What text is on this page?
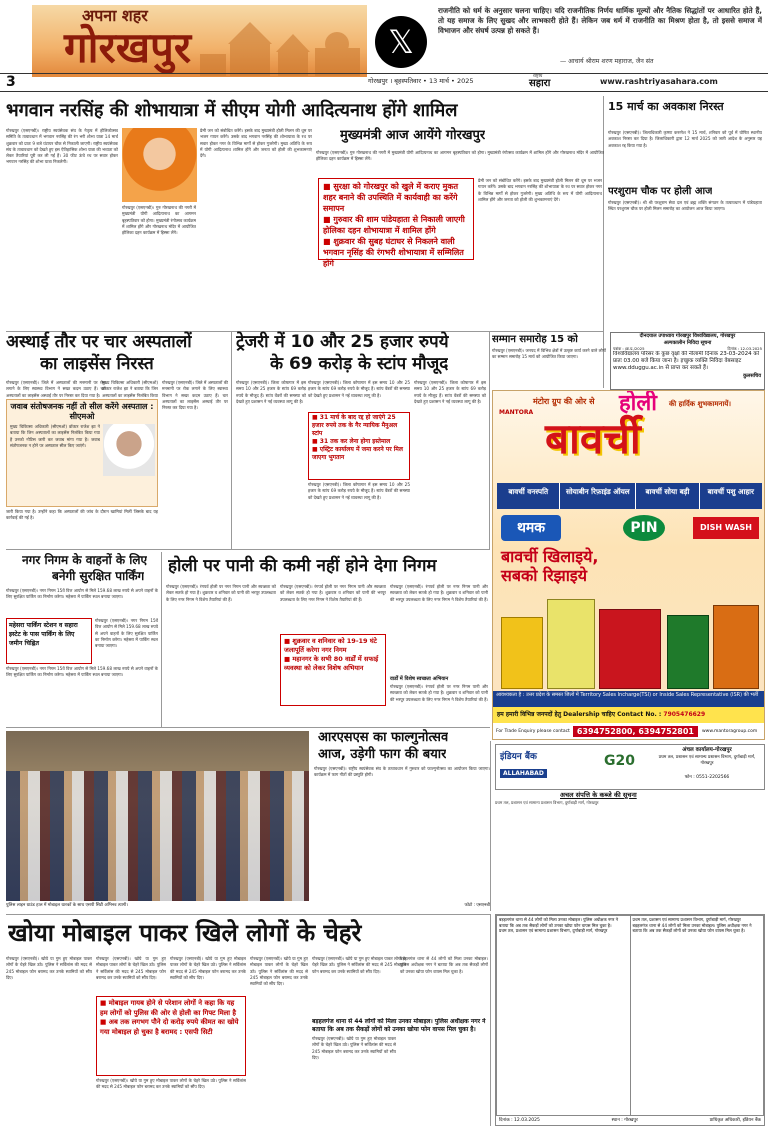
अपना शहर
गोरखपुर
3
𝕏
राजनीति को धर्म के अनुसार चलना चाहिए। यदि राजनीतिक निर्णय धार्मिक मूल्यों और नैतिक सिद्धांतों पर आधारित होते हैं, तो यह समाज के लिए सुखद और लाभकारी होते हैं। लेकिन जब धर्म में राजनीति का मिश्रण होता है, तो इससे समाज में विभाजन और संघर्ष उत्पन्न हो सकते हैं।
— आचार्य श्रीराम शरण महाराज, जैन संत
गोरखपुर । बृहस्पतिवार • 13 मार्च • 2025
राष्ट्रीय
सहारा	www.rashtriyasahara.com
भगवान नरसिंह की शोभायात्रा में सीएम योगी आदित्यनाथ होंगे शामिल
गोरखपुर (एसएनबी)। राष्ट्रीय स्वयंसेवक संघ के नेतृत्व में होलिकोत्सव समिति के तत्वावधान में भगवान नरसिंह की रंग भरी शोभा यात्रा 14 मार्च शुक्रवार को प्रातः 9 बजे घंटाघर चौक से निकाली जाएगी। राष्ट्रीय स्वयंसेवक संघ के तत्वावधान को देखते हुए इस ऐतिहासिक शोभा यात्रा की भव्यता को लेकर तैयारियां पूरी कर ली गई हैं। 30 फीट ऊंचे रथ पर सवार होकर भगवान नरसिंह की शोभा यात्रा निकलेगी।
प्रेमी जन को संबोधित करेंगे। इसके बाद मुख्यमंत्री होली मिलन की धूम पर भजन गायन करेंगे। उसके बाद भगवान नरसिंह की शोभायात्रा के रथ पर सवार होकर नगर के विभिन्न मार्गों से होकर गुजरेगी। मुख्य अतिथि के रूप में योगी आदित्यनाथ शामिल होंगे और जनता को होली की शुभकामनाएं देंगे।
गोरखपुर (एसएनबी)। गुरु गोरखनाथ की नगरी में मुख्यमंत्री योगी आदित्यनाथ का आगमन बृहस्पतिवार को होगा। मुख्यमंत्री रंगोत्सव कार्यक्रम में शामिल होंगे और गोरखनाथ मंदिर में आयोजित होलिका दहन कार्यक्रम में हिस्सा लेंगे।
मुख्यमंत्री आज आयेंगे गोरखपुर
गोरखपुर (एसएनबी)। गुरु गोरखनाथ की नगरी में मुख्यमंत्री योगी आदित्यनाथ का आगमन बृहस्पतिवार को होगा। मुख्यमंत्री रंगोत्सव कार्यक्रम में शामिल होंगे और गोरखनाथ मंदिर में आयोजित होलिका दहन कार्यक्रम में हिस्सा लेंगे।
■ सुरक्षा को गोरखपुर को खुले में कराए मुकत शहर बनाने की उपस्थिति में कार्यवाही का करेंगे समापन
■ गुरुवार की शाम पांडेयहाता से निकाली जाएगी होलिका दहन शोभायात्रा में शामिल होंगे
■ शुक्रवार की सुबह घंटाघर से निकलने वाली भगवान नृसिंह की रंगभरी शोभायात्रा में सम्मिलित होंगे
प्रेमी जन को संबोधित करेंगे। इसके बाद मुख्यमंत्री होली मिलन की धूम पर भजन गायन करेंगे। उसके बाद भगवान नरसिंह की शोभायात्रा के रथ पर सवार होकर नगर के विभिन्न मार्गों से होकर गुजरेगी। मुख्य अतिथि के रूप में योगी आदित्यनाथ शामिल होंगे और जनता को होली की शुभकामनाएं देंगे।
15 मार्च का अवकाश निरस्त
गोरखपुर (एसएनबी)। जिलाधिकारी कृष्णा करुणेश ने 15 मार्च, शनिवार को पूर्व में घोषित स्थानीय अवकाश निरस्त कर दिया है। जिलाधिकारी द्वारा 12 मार्च 2025 को जारी आदेश के अनुसार यह अवकाश रद्द किया गया है।
परशुराम चौक पर होली आज
गोरखपुर (एसएनबी)। श्री श्री परशुराम सेवा दल एवं ब्रह्म शक्ति संगठन के तत्वावधान में पांडेयहाता स्थित परशुराम चौक पर होली मिलन समारोह का आयोजन आज किया जाएगा।
अस्थाई तौर पर चार अस्पतालों
का लाइसेंस निरस्त
गोरखपुर (एसएनबी)। जिले में अस्पतालों की मनमानी पर रोक लगाने के लिए स्वास्थ्य विभाग ने सख्त कदम उठाए हैं। चार अस्पतालों का लाइसेंस अस्थाई तौर पर निरस्त कर दिया गया है।
जवाब संतोषजनक नहीं तो सील करेंगे अस्पताल : सीएमओ
मुख्य चिकित्सा अधिकारी (सीएमओ) डॉक्टर राजेश झा ने बताया कि जिन अस्पतालों का लाइसेंस निलंबित किया गया है उनको नोटिस जारी कर जवाब मांगा गया है। जवाब संतोषजनक न होने पर अस्पताल सील किए जाएंगे।
जारी किया गया है। उन्होंने कहा कि अस्पतालों की जांच के दौरान खामियां मिलीं जिसके बाद यह कार्रवाई की गई है।
गोरखपुर (एसएनबी)। जिले में अस्पतालों की मनमानी पर रोक लगाने के लिए स्वास्थ्य विभाग ने सख्त कदम उठाए हैं। चार अस्पतालों का लाइसेंस अस्थाई तौर पर निरस्त कर दिया गया है।
मुख्य चिकित्सा अधिकारी (सीएमओ) डॉक्टर राजेश झा ने बताया कि जिन अस्पतालों का लाइसेंस निलंबित किया
ट्रेजरी में 10 और 25 हजार रुपये
के 69 करोड़ के स्टांप मौजूद
गोरखपुर (एसएनबी)। जिला कोषागार में इस समय 10 और 25 हजार के स्टांप 69 करोड़ रुपये के मौजूद हैं। स्टांप वेंडरों की समस्या को देखते हुए प्रशासन ने नई व्यवस्था लागू की है।
■ 31 मार्च के बाद रद्द हो जाएंगे 25 हजार रुपये तक के गैर न्यायिक मैनुअल स्टांप
■ 31 तक कर लेना होगा इस्तेमाल
■ एस्ट्रिट कार्यालय में जमा करने पर मिल जाएगा भुगतान
गोरखपुर (एसएनबी)। जिला कोषागार में इस समय 10 और 25 हजार के स्टांप 69 करोड़ रुपये के मौजूद हैं। स्टांप वेंडरों की समस्या को देखते हुए प्रशासन ने नई व्यवस्था लागू की है।
गोरखपुर (एसएनबी)। जिला कोषागार में इस समय 10 और 25 हजार के स्टांप 69 करोड़ रुपये के मौजूद हैं। स्टांप वेंडरों की समस्या को देखते हुए प्रशासन ने नई व्यवस्था लागू की है।
गोरखपुर (एसएनबी)। जिला कोषागार में इस समय 10 और 25 हजार के स्टांप 69 करोड़ रुपये के मौजूद हैं। स्टांप वेंडरों की समस्या को देखते हुए प्रशासन ने नई व्यवस्था लागू की है।
सम्मान समारोह 15 को
गोरखपुर (एसएनबी)। जनपद में विभिन्न क्षेत्रों में उत्कृष्ट कार्य करने वाले लोगों का सम्मान समारोह 15 मार्च को आयोजित किया जाएगा।
दीनदयाल उपाध्याय गोरखपुर विश्वविद्यालय, गोरखपुर
अल्पकालीन निविदा सूचना
पत्रांक : /क्र.प्र./2025	दिनांक : 12.03.2025
विश्वविद्यालय परिसर के कुछ वृक्षों की नीलामी दिनांक 23-03-2024 को प्रातः 03.00 बजे किया जाना है। इच्छुक व्यक्ति निविदा वेबसाइट www.dduggu.ac.in से प्राप्त कर सकते हैं।
कुलसचिव
MANTORA
मंटोरा ग्रुप की ओर से होली की हार्दिक शुभकामनायें।
बावर्ची
बावर्ची वनस्पति	सोयाबीन रिफ़ाइंड ऑयल	बावर्ची सोया बड़ी	बावर्ची पशु आहार
थमक	PIN	DISH WASH
बावर्ची खिलाइये, सबको रिझाइये
आवश्यकता है : उत्तर प्रदेश के समस्त जिलों में Territory Sales Incharge(TSI) or Inside Sales Representative (ISR) की भर्ती
हम हमारी विभिन्न जनपदों हेतु Dealership चाहिए Contact No. : 7905476629
For Trade Enquiry please contact 6394752800, 6394752801	www.mantoragroup.com
नगर निगम के वाहनों के लिए
बनेगी सुरक्षित पार्किंग
गोरखपुर (एसएनबी)। नगर निगम 15वें वित्त आयोग से मिले 159.68 लाख रुपये से अपने वाहनों के लिए सुरक्षित पार्किंग का निर्माण करेगा। महेसरा में पार्किंग स्थल बनाया जाएगा।
महेसरा पार्किंग स्टेशन व सहारा इस्टेट के पास पार्किंग के लिए जमीन चिह्नित
गोरखपुर (एसएनबी)। नगर निगम 15वें वित्त आयोग से मिले 159.68 लाख रुपये से अपने वाहनों के लिए सुरक्षित पार्किंग का निर्माण करेगा। महेसरा में पार्किंग स्थल बनाया जाएगा।
गोरखपुर (एसएनबी)। नगर निगम 15वें वित्त आयोग से मिले 159.68 लाख रुपये से अपने वाहनों के लिए सुरक्षित पार्किंग का निर्माण करेगा। महेसरा में पार्किंग स्थल बनाया जाएगा।
होली पर पानी की कमी नहीं होने देगा निगम
गोरखपुर (एसएनबी)। रंगपर्व होली पर नगर निगम पानी और स्वच्छता को लेकर सतर्क हो गया है। शुक्रवार व शनिवार को पानी की भरपूर उपलब्धता के लिए नगर निगम ने विशेष तैयारियां की हैं।
गोरखपुर (एसएनबी)। रंगपर्व होली पर नगर निगम पानी और स्वच्छता को लेकर सतर्क हो गया है। शुक्रवार व शनिवार को पानी की भरपूर उपलब्धता के लिए नगर निगम ने विशेष तैयारियां की हैं।
■ शुक्रवार व शनिवार को 19-19 घंटे जलापूर्ति करेगा नगर निगम
■ महानगर के सभी 80 वार्डों में सफाई व्यवस्था को लेकर विशेष अभियान
गोरखपुर (एसएनबी)। रंगपर्व होली पर नगर निगम पानी और स्वच्छता को लेकर सतर्क हो गया है। शुक्रवार व शनिवार को पानी की भरपूर उपलब्धता के लिए नगर निगम ने विशेष तैयारियां की हैं।
वार्डों में विशेष स्वच्छता अभियान
गोरखपुर (एसएनबी)। रंगपर्व होली पर नगर निगम पानी और स्वच्छता को लेकर सतर्क हो गया है। शुक्रवार व शनिवार को पानी की भरपूर उपलब्धता के लिए नगर निगम ने विशेष तैयारियां की हैं।
पुलिस लाइन ग्राउंड हाल में मोबाइल धारकों के साथ एसपी सिटी अभिनव त्यागी।	फोटो : एसएनबी
आरएसएस का फाल्गुनोत्सव
आज, उड़ेगी फाग की बयार
गोरखपुर (एसएनबी)। राष्ट्रीय स्वयंसेवक संघ के तत्वावधान में गुरुवार को फाल्गुनोत्सव का आयोजन किया जाएगा। कार्यक्रम में फाग गीतों की प्रस्तुति होगी।
इंडियन बैंक
ALLAHABAD
G20
अंचल कार्यालय-गोरखपुर
प्रथम तल, प्रशासन एवं सामान्य प्रशासन विभाग, दुर्गाबाड़ी मार्ग, गोरखपुर
फोन : 0551-2202566
अचल संपत्ति के कब्जे की सूचना
प्रथम तल, प्रशासन एवं सामान्य प्रशासन विभाग, दुर्गाबाड़ी मार्ग, गोरखपुर
खोया मोबाइल पाकर खिले लोगों के चेहरे
गोरखपुर (एसएनबी)। खोये या गुम हुए मोबाइल पाकर लोगों के चेहरे खिल उठे। पुलिस ने सर्विलांस की मदद से 245 मोबाइल फोन बरामद कर उनके स्वामियों को सौंप दिए।
गोरखपुर (एसएनबी)। खोये या गुम हुए मोबाइल पाकर लोगों के चेहरे खिल उठे। पुलिस ने सर्विलांस की मदद से 245 मोबाइल फोन बरामद कर उनके स्वामियों को सौंप दिए।
■ मोबाइल गायब होने से परेशान लोगों ने कहा कि यह हम लोगों को पुलिस की ओर से होली का गिफ्ट मिला है
■ अब तक लगभग पौने दो करोड़ रुपये कीमत का खोये गया मोबाइल हो चुका है बरामद : एसपी सिटी
गोरखपुर (एसएनबी)। खोये या गुम हुए मोबाइल पाकर लोगों के चेहरे खिल उठे। पुलिस ने सर्विलांस की मदद से 245 मोबाइल फोन बरामद कर उनके स्वामियों को सौंप दिए।
गोरखपुर (एसएनबी)। खोये या गुम हुए मोबाइल पाकर लोगों के चेहरे खिल उठे। पुलिस ने सर्विलांस की मदद से 245 मोबाइल फोन बरामद कर उनके स्वामियों को सौंप दिए।
गोरखपुर (एसएनबी)। खोये या गुम हुए मोबाइल पाकर लोगों के चेहरे खिल उठे। पुलिस ने सर्विलांस की मदद से 245 मोबाइल फोन बरामद कर उनके स्वामियों को सौंप दिए।
गोरखपुर (एसएनबी)। खोये या गुम हुए मोबाइल पाकर लोगों के चेहरे खिल उठे। पुलिस ने सर्विलांस की मदद से 245 मोबाइल फोन बरामद कर उनके स्वामियों को सौंप दिए।
बड़हलगंज थाना से 44 लोगों को मिला उनका मोबाइल। पुलिस अधीक्षक नगर ने बताया कि अब तक सैकड़ों लोगों को उनका खोया फोन वापस मिल चुका है।
गोरखपुर (एसएनबी)। खोये या गुम हुए मोबाइल पाकर लोगों के चेहरे खिल उठे। पुलिस ने सर्विलांस की मदद से 245 मोबाइल फोन बरामद कर उनके स्वामियों को सौंप दिए।
बड़हलगंज थाना से 44 लोगों को मिला उनका मोबाइल। पुलिस अधीक्षक नगर ने बताया कि अब तक सैकड़ों लोगों को उनका खोया फोन वापस मिल चुका है।
बड़हलगंज थाना से 44 लोगों को मिला उनका मोबाइल। पुलिस अधीक्षक नगर ने बताया कि अब तक सैकड़ों लोगों को उनका खोया फोन वापस मिल चुका है।
प्रथम तल, प्रशासन एवं सामान्य प्रशासन विभाग, दुर्गाबाड़ी मार्ग, गोरखपुर

प्रथम तल, प्रशासन एवं सामान्य प्रशासन विभाग, दुर्गाबाड़ी मार्ग, गोरखपुर
बड़हलगंज थाना से 44 लोगों को मिला उनका मोबाइल। पुलिस अधीक्षक नगर ने बताया कि अब तक सैकड़ों लोगों को उनका खोया फोन वापस मिल चुका है।
दिनांक : 12.03.2025	स्थान : गोरखपुर	प्राधिकृत अधिकारी, इंडियन बैंक
